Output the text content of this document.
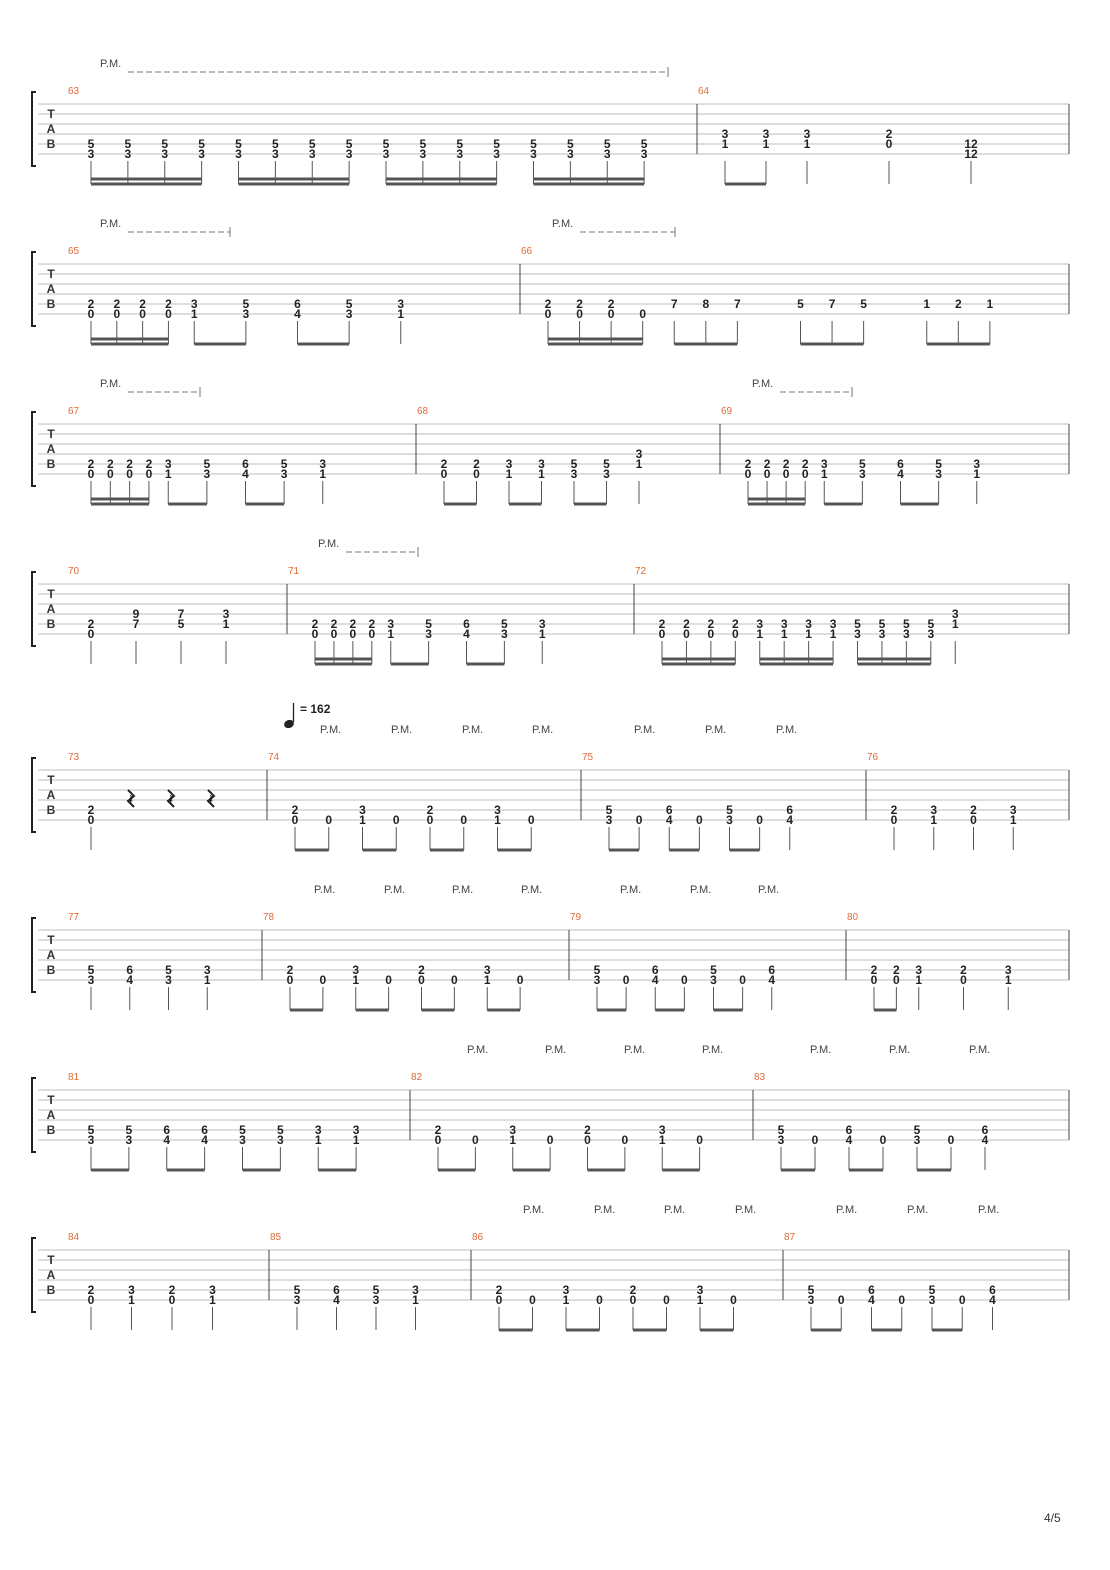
T
A
B
P.M.
63
5
3
5
3
5
3
5
3
5
3
5
3
5
3
5
3
5
3
5
3
5
3
5
3
5
3
5
3
5
3
5
3
64
3
1
3
1
3
1
2
0	12
12
T
A
B
P.M.	P.M.
65
2
0
2
0
2
0
2
0
3
1
5
3
6
4
5
3
3
1
66
2
0
2
0
2
0 0
7 8 7	5 7 5	1 2 1
T
A
B
P.M.	P.M.
67
2
0
2
0
2
0
2
0
3
1
5
3
6
4
5
3
3
1
68
2
0
2
0
3
1
3
1
5
3
5
3
3
1
69
2
0
2
0
2
0
2
0
3
1
5
3
6
4
5
3
3
1
T
A
B
P.M.
70
2
0
9
7
7
5
3
1
71
2
0
2
0
2
0
2
0
3
1
5
3
6
4
5
3
3
1
72
2
0
2
0
2
0
2
0
3
1
3
1
3
1
3
1
5
3
5
3
5
3
5
3
3
1
T
A
B
P.M.	P.M.	P.M.	P.M.	P.M.	P.M.	P.M.
= 162
73
2
0
𝄽	𝄽	𝄽
74
2
0 0
3
1 0
2
0 0
3
1 0
75
5
3 0
6
4 0
5
3 0
6
4
76
2
0
3
1
2
0
3
1
T
A
B
P.M.	P.M.	P.M.	P.M.	P.M.	P.M.	P.M.
77
5
3
6
4
5
3
3
1
78
2
0 0
3
1 0
2
0 0
3
1 0
79
5
3 0
6
4 0
5
3 0
6
4
80
2
0
2
0
3
1
2
0
3
1
T
A
B
P.M.	P.M.	P.M.	P.M.	P.M.	P.M.	P.M.
81
5
3
5
3
6
4
6
4
5
3
5
3
3
1
3
1
82
2
0	0
3
1	0
2
0	0
3
1	0
83
5
3 0
6
4 0
5
3 0
6
4
T
A
B
P.M.	P.M.	P.M.	P.M.	P.M.	P.M.	P.M.
84
2
0
3
1
2
0
3
1
85
5
3
6
4
5
3
3
1
86
2
0 0
3
1 0
2
0 0
3
1 0
87
5
3 0
6
4 0
5
3 0
6
4
4/5
